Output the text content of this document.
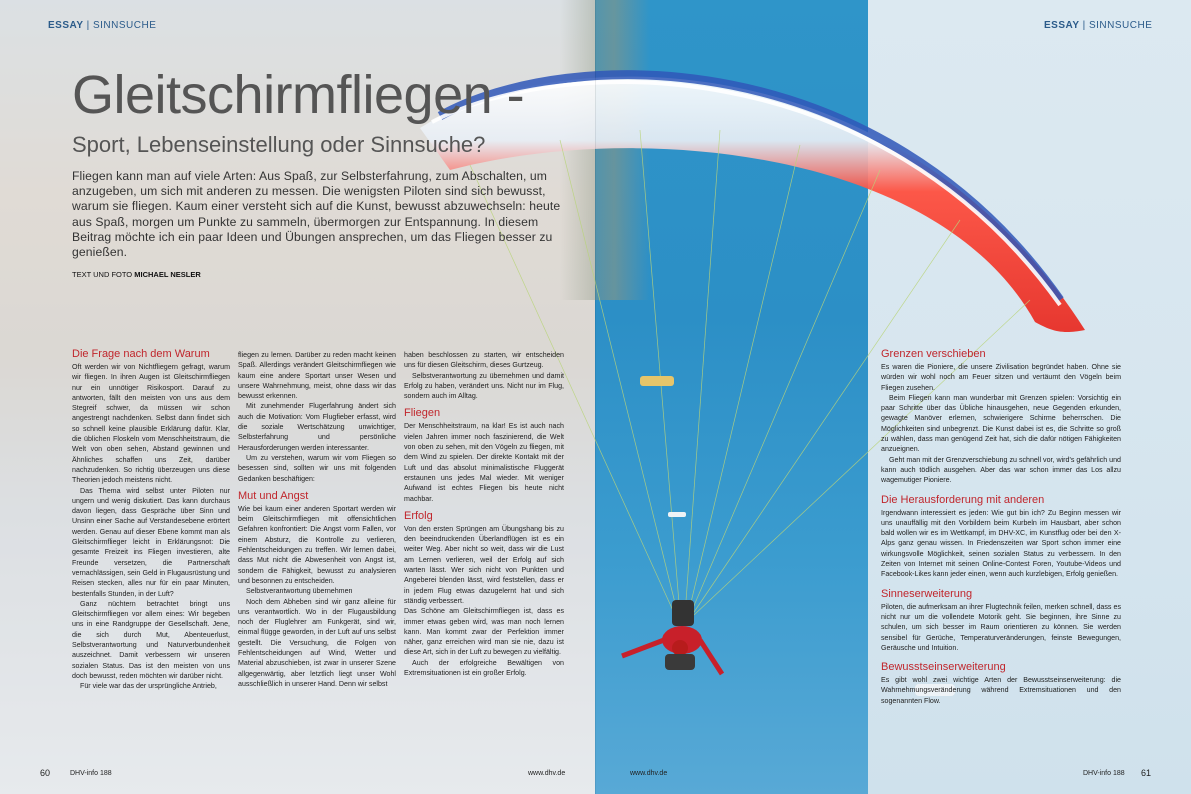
ESSAY | SINNSUCHE
Gleitschirmfliegen -
Sport, Lebenseinstellung oder Sinnsuche?
Fliegen kann man auf viele Arten: Aus Spaß, zur Selbsterfahrung, zum Abschalten, um anzugeben, um sich mit anderen zu messen. Die wenigsten Piloten sind sich bewusst, warum sie fliegen. Kaum einer versteht sich auf die Kunst, bewusst abzuwechseln: heute aus Spaß, morgen um Punkte zu sammeln, übermorgen zur Entspannung. In diesem Beitrag möchte ich ein paar Ideen und Übungen ansprechen, um das Fliegen besser zu genießen.
TEXT UND FOTO MICHAEL NESLER
Die Frage nach dem Warum

Oft werden wir von Nichtfliegern gefragt, warum wir fliegen. In ihren Augen ist Gleitschirmfliegen nur ein unnötiger Risikosport. Darauf zu antworten, fällt den meisten von uns aus dem Stegreif schwer, da müssen wir schon angestrengt nachdenken. Selbst dann findet sich so schnell keine plausible Erklärung dafür. Klar, die üblichen Floskeln vom Menschheitstraum, die Welt von oben sehen, Abstand gewinnen und Ähnliches schaffen uns Zeit, darüber nachzudenken. So richtig überzeugen uns diese Theorien jedoch meistens nicht.

Das Thema wird selbst unter Piloten nur ungern und wenig diskutiert. Das kann durchaus davon liegen, dass Gespräche über Sinn und Unsinn einer Sache auf Verstandesebene erörtert werden. Genau auf dieser Ebene kommt man als Gleitschirmflieger leicht in Erklärungsnot: Die gesamte Freizeit ins Fliegen investieren, alte Freunde versetzen, die Partnerschaft vernachlässigen, sein Geld in Flugausrüstung und Reisen stecken, alles nur für ein paar Minuten, bestenfalls Stunden, in der Luft?

Ganz nüchtern betrachtet bringt uns Gleitschirmfliegen vor allem eines: Wir begeben uns in eine Randgruppe der Gesellschaft. Jene, die sich durch Mut, Abenteuerlust, Selbstverantwortung und Naturverbundenheit auszeichnet. Damit verbessern wir unseren sozialen Status. Das ist den meisten von uns doch bewusst, reden möchten wir darüber nicht.

Für viele war das der ursprüngliche Antrieb,

fliegen zu lernen. Darüber zu reden macht keinen Spaß. Allerdings verändert Gleitschirmfliegen wie kaum eine andere Sportart unser Wesen und unsere Wahrnehmung, meist, ohne dass wir das bewusst erkennen.

Mit zunehmender Flugerfahrung ändert sich auch die Motivation: Vom Flugfieber erfasst, wird die soziale Wertschätzung unwichtiger, Selbsterfahrung und persönliche Herausforderungen werden interessanter.

Um zu verstehen, warum wir vom Fliegen so besessen sind, sollten wir uns mit folgenden Gedanken beschäftigen:

Mut und Angst

Wie bei kaum einer anderen Sportart werden wir beim Gleitschirmfliegen mit offensichtlichen Gefahren konfrontiert: Die Angst vorm Fallen, vor einem Absturz, die Kontrolle zu verlieren, Fehlentscheidungen zu treffen. Wir lernen dabei, dass Mut nicht die Abwesenheit von Angst ist, sondern die Fähigkeit, bewusst zu analysieren und besonnen zu entscheiden.

Selbstverantwortung übernehmen

Noch dem Abheben sind wir ganz alleine für uns verantwortlich. Wo in der Flugausbildung noch der Fluglehrer am Funkgerät, sind wir, einmal flügge geworden, in der Luft auf uns selbst gestellt. Die Versuchung, die Folgen von Fehlentscheidungen auf Wind, Wetter und Material abzuschieben, ist zwar in unserer Szene allgegenwärtig, aber letztlich liegt unser Wohl ausschließlich in unserer Hand. Denn wir selbst

haben beschlossen zu starten, wir entscheiden uns für diesen Gleitschirm, dieses Gurtzeug.

Selbstverantwortung zu übernehmen und damit Erfolg zu haben, verändert uns. Nicht nur im Flug, sondern auch im Alltag.

Fliegen

Der Menschheitstraum, na klar! Es ist auch nach vielen Jahren immer noch faszinierend, die Welt von oben zu sehen, mit den Vögeln zu fliegen, mit dem Wind zu spielen. Der direkte Kontakt mit der Luft und das absolut minimalistische Fluggerät erstaunen uns jedes Mal wieder. Mit weniger Aufwand ist echtes Fliegen bis heute nicht machbar.

Erfolg

Von den ersten Sprüngen am Übungshang bis zu den beeindruckenden Überlandflügen ist es ein weiter Weg. Aber nicht so weit, dass wir die Lust am Lernen verlieren, weil der Erfolg auf sich warten lässt. Wer sich nicht von Punkten und Angeberei blenden lässt, wird feststellen, dass er in jedem Flug etwas dazugelernt hat und sich ständig verbessert.

Das Schöne am Gleitschirmfliegen ist, dass es immer etwas geben wird, was man noch lernen kann. Man kommt zwar der Perfektion immer näher, ganz erreichen wird man sie nie, dazu ist diese Art, sich in der Luft zu bewegen zu vielfältig.

Auch der erfolgreiche Bewältigen von Extremsituationen ist ein großer Erfolg.

60	DHV-info 188	www.dhv.de
ESSAY | SINNSUCHE
Grenzen verschieben

Es waren die Pioniere, die unsere Zivilisation begründet haben. Ohne sie würden wir wohl noch am Feuer sitzen und vertäumt den Vögeln beim Fliegen zusehen.

Beim Fliegen kann man wunderbar mit Grenzen spielen: Vorsichtig ein paar Schritte über das Übliche hinausgehen, neue Gegenden erkunden, gewagte Manöver erlernen, schwierigere Schirme beherrschen. Die Möglichkeiten sind unbegrenzt. Die Kunst dabei ist es, die Schritte so groß zu wählen, dass man genügend Zeit hat, sich die dafür nötigen Fähigkeiten anzueignen.

Geht man mit der Grenzverschiebung zu schnell vor, wird's gefährlich und kann auch tödlich ausgehen. Aber das war schon immer das Los allzu wagemutiger Pioniere.

Die Herausforderung mit anderen

Irgendwann interessiert es jeden: Wie gut bin ich? Zu Beginn messen wir uns unauffällig mit den Vorbildern beim Kurbeln im Hausbart, aber schon bald wollen wir es im Wettkampf, im DHV-XC, im Kunstflug oder bei den X-Alps ganz genau wissen. In Friedenszeiten war Sport schon immer eine wirkungsvolle Möglichkeit, seinen sozialen Status zu verbessern. In den Zeiten von Internet mit seinen Online-Contest Foren, Youtube-Videos und Facebook-Likes kann jeder einen, wenn auch kurzlebigen, Erfolg genießen.

Sinneserweiterung

Piloten, die aufmerksam an ihrer Flugtechnik feilen, merken schnell, dass es nicht nur um die vollendete Motorik geht. Sie beginnen, ihre Sinne zu schulen, um sich besser im Raum orientieren zu können. Sie werden sensibel für Gerüche, Temperaturveränderungen, feinste Bewegungen, Geräusche und Intuition.

Bewusstseinserweiterung

Es gibt wohl zwei wichtige Arten der Bewusstseinserweiterung: die Wahrnehmungsveränderung während Extremsituationen und den sogenannten Flow.

www.dhv.de	DHV-info 188 61
